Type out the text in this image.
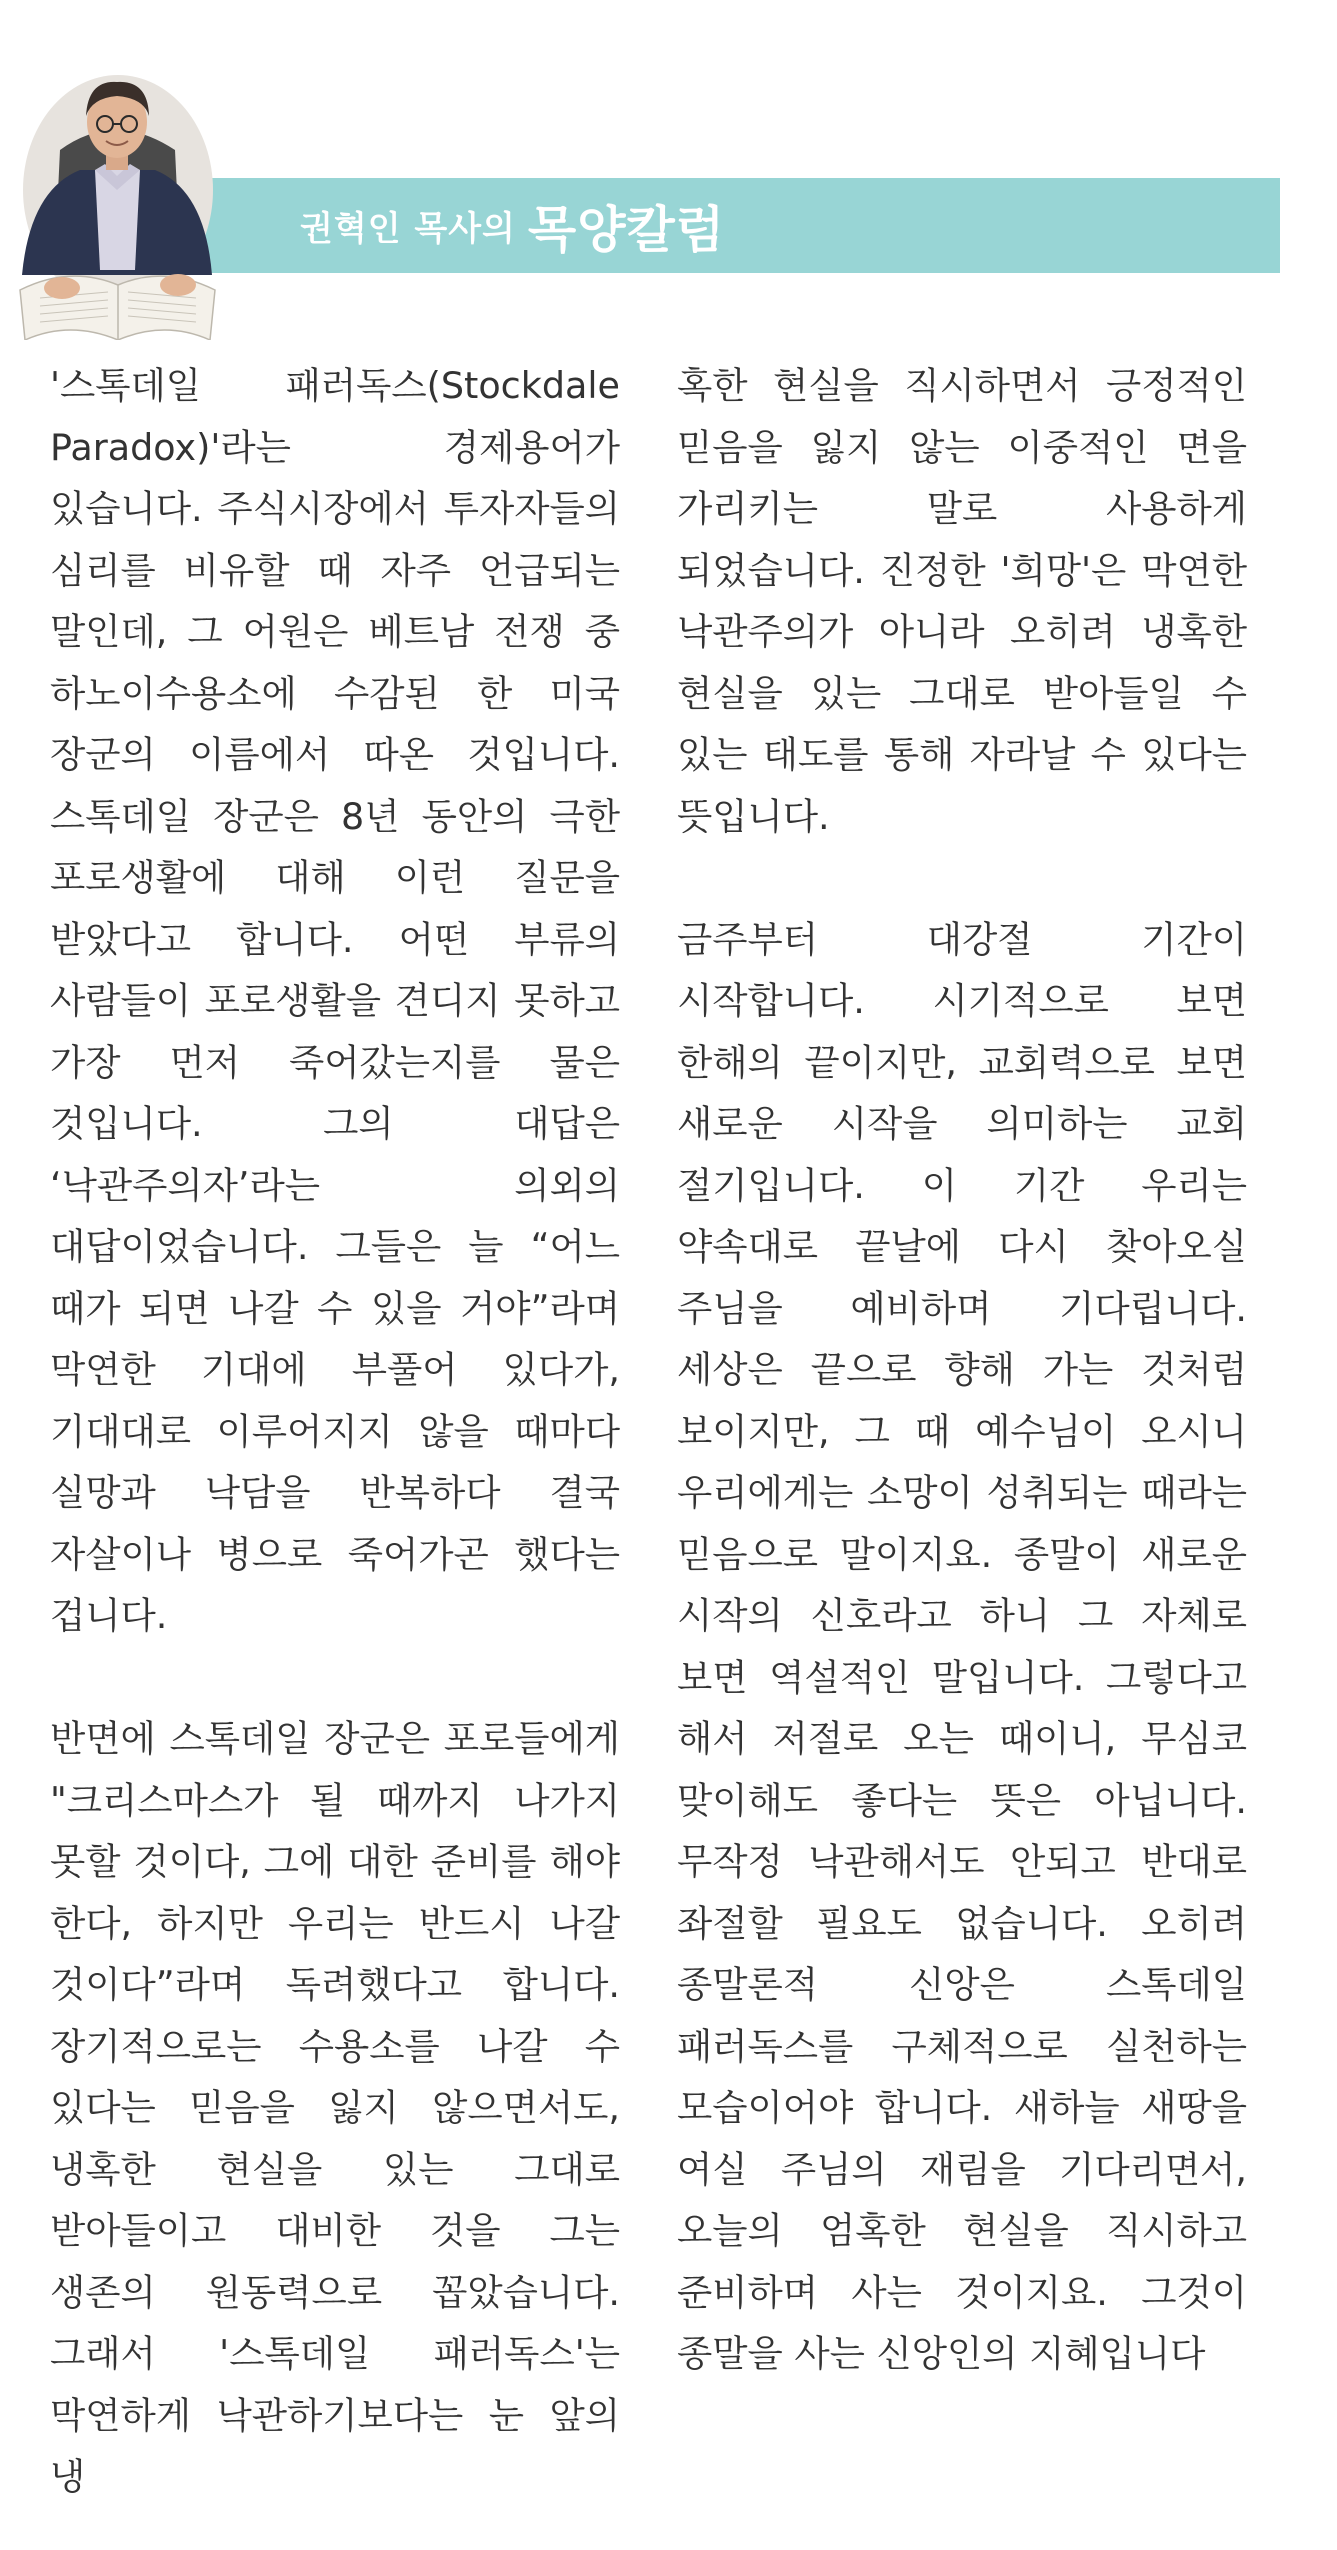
권혁인 목사의 목양칼럼

'스톡데일 패러독스(Stockdale Paradox)'라는 경제용어가 있습니다. 주식시장에서 투자자들의 심리를 비유할 때 자주 언급되는 말인데, 그 어원은 베트남 전쟁 중 하노이수용소에 수감된 한 미국 장군의 이름에서 따온 것입니다. 스톡데일 장군은 8년 동안의 극한 포로생활에 대해 이런 질문을 받았다고 합니다. 어떤 부류의 사람들이 포로생활을 견디지 못하고 가장 먼저 죽어갔는지를 물은 것입니다. 그의 대답은 ‘낙관주의자’라는 의외의 대답이었습니다. 그들은 늘 “어느 때가 되면 나갈 수 있을 거야”라며 막연한 기대에 부풀어 있다가, 기대대로 이루어지지 않을 때마다 실망과 낙담을 반복하다 결국 자살이나 병으로 죽어가곤 했다는 겁니다.

반면에 스톡데일 장군은 포로들에게 "크리스마스가 될 때까지 나가지 못할 것이다, 그에 대한 준비를 해야 한다, 하지만 우리는 반드시 나갈 것이다”라며 독려했다고 합니다. 장기적으로는 수용소를 나갈 수 있다는 믿음을 잃지 않으면서도, 냉혹한 현실을 있는 그대로 받아들이고 대비한 것을 그는 생존의 원동력으로 꼽았습니다. 그래서 '스톡데일 패러독스'는 막연하게 낙관하기보다는 눈 앞의 냉

혹한 현실을 직시하면서 긍정적인 믿음을 잃지 않는 이중적인 면을 가리키는 말로 사용하게 되었습니다. 진정한 '희망'은 막연한 낙관주의가 아니라 오히려 냉혹한 현실을 있는 그대로 받아들일 수 있는 태도를 통해 자라날 수 있다는 뜻입니다.

금주부터 대강절 기간이 시작합니다. 시기적으로 보면 한해의 끝이지만, 교회력으로 보면 새로운 시작을 의미하는 교회 절기입니다. 이 기간 우리는 약속대로 끝날에 다시 찾아오실 주님을 예비하며 기다립니다. 세상은 끝으로 향해 가는 것처럼 보이지만, 그 때 예수님이 오시니 우리에게는 소망이 성취되는 때라는 믿음으로 말이지요. 종말이 새로운 시작의 신호라고 하니 그 자체로 보면 역설적인 말입니다. 그렇다고 해서 저절로 오는 때이니, 무심코 맞이해도 좋다는 뜻은 아닙니다. 무작정 낙관해서도 안되고 반대로 좌절할 필요도 없습니다. 오히려 종말론적 신앙은 스톡데일 패러독스를 구체적으로 실천하는 모습이어야 합니다. 새하늘 새땅을 여실 주님의 재림을 기다리면서, 오늘의 엄혹한 현실을 직시하고 준비하며 사는 것이지요. 그것이 종말을 사는 신앙인의 지혜입니다
